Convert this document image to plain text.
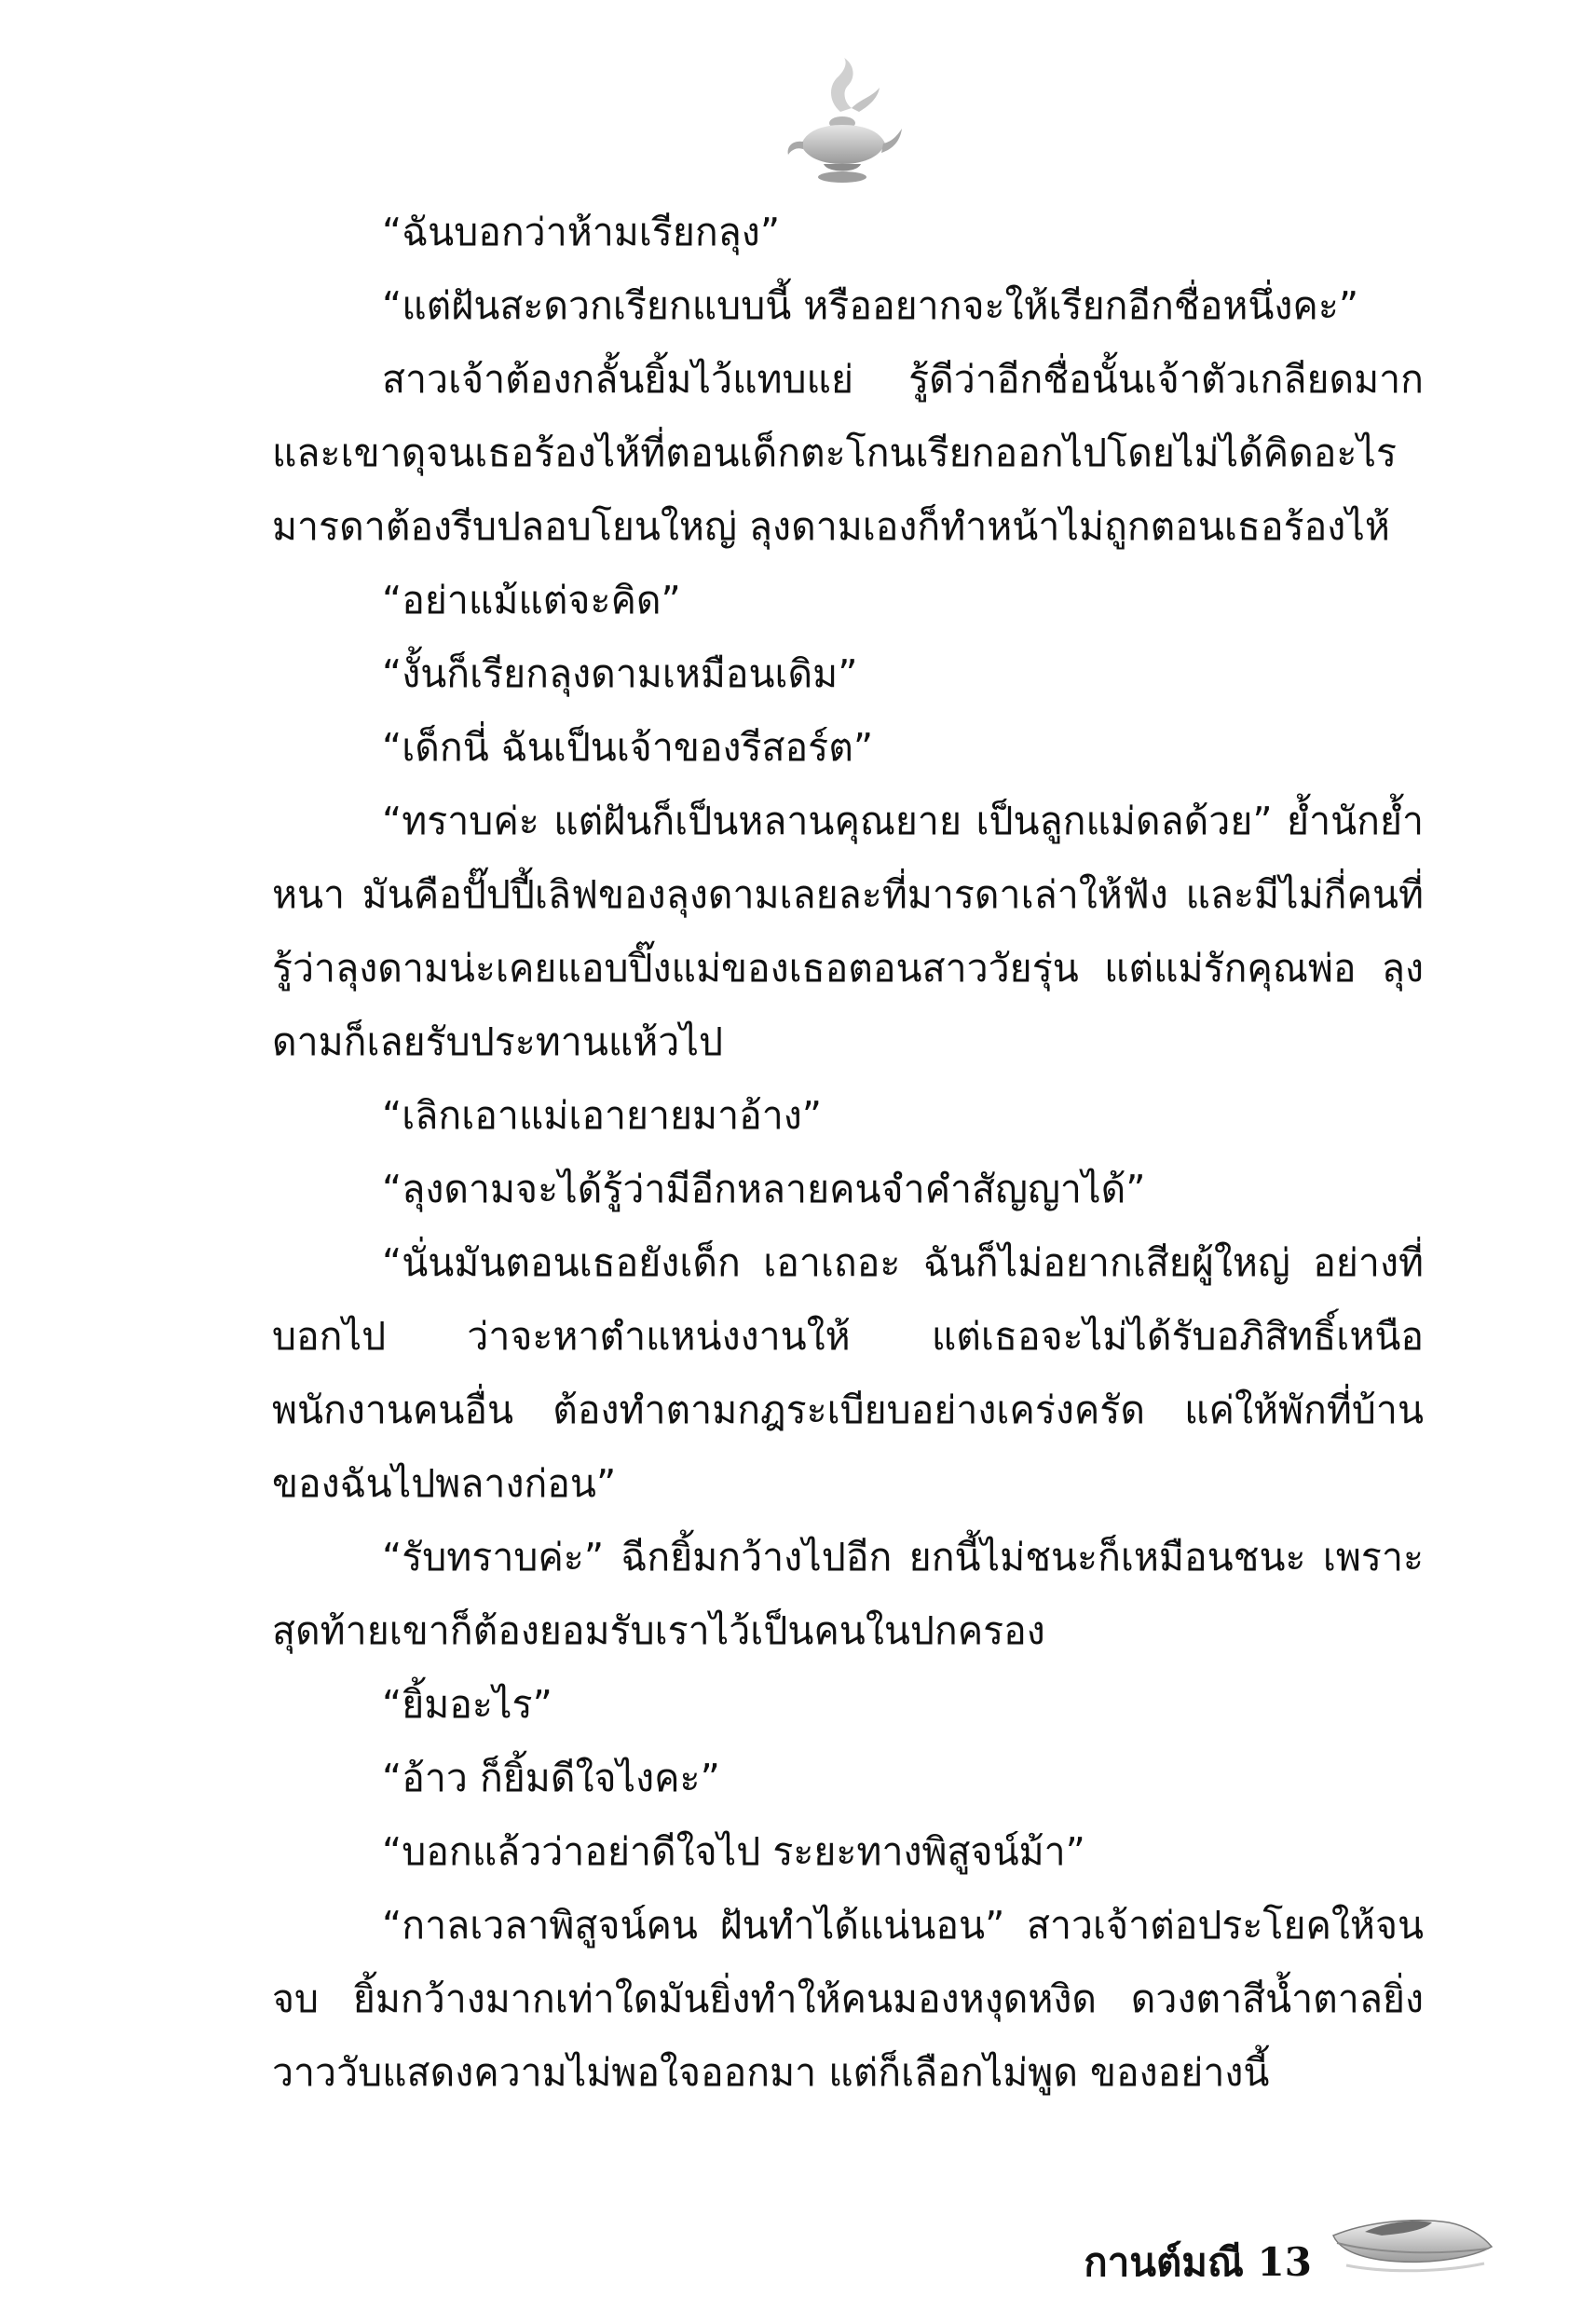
“ฉันบอกว่าห้ามเรียกลุง”

“แต่ฝันสะดวกเรียกแบบนี้ หรืออยากจะให้เรียกอีกชื่อหนึ่งคะ”

สาวเจ้าต้องกลั้นยิ้มไว้แทบแย่ รู้ดีว่าอีกชื่อนั้นเจ้าตัวเกลียดมาก และเขาดุจนเธอร้องไห้ที่ตอนเด็กตะโกนเรียกออกไปโดยไม่ได้คิดอะไร มารดาต้องรีบปลอบโยนใหญ่ ลุงดามเองก็ทำหน้าไม่ถูกตอนเธอร้องไห้

“อย่าแม้แต่จะคิด”

“งั้นก็เรียกลุงดามเหมือนเดิม”

“เด็กนี่ ฉันเป็นเจ้าของรีสอร์ต”

“ทราบค่ะ แต่ฝันก็เป็นหลานคุณยาย เป็นลูกแม่ดลด้วย” ย้ำนักย้ำหนา มันคือปั๊ปปี้เลิฟของลุงดามเลยละที่มารดาเล่าให้ฟัง และมีไม่กี่คนที่รู้ว่าลุงดามน่ะเคยแอบปิ๊งแม่ของเธอตอนสาววัยรุ่น แต่แม่รักคุณพ่อ ลุงดามก็เลยรับประทานแห้วไป

“เลิกเอาแม่เอายายมาอ้าง”

“ลุงดามจะได้รู้ว่ามีอีกหลายคนจำคำสัญญาได้”

“นั่นมันตอนเธอยังเด็ก เอาเถอะ ฉันก็ไม่อยากเสียผู้ใหญ่ อย่างที่บอกไป ว่าจะหาตำแหน่งงานให้ แต่เธอจะไม่ได้รับอภิสิทธิ์เหนือพนักงานคนอื่น ต้องทำตามกฎระเบียบอย่างเคร่งครัด แค่ให้พักที่บ้านของฉันไปพลางก่อน”

“รับทราบค่ะ” ฉีกยิ้มกว้างไปอีก ยกนี้ไม่ชนะก็เหมือนชนะ เพราะสุดท้ายเขาก็ต้องยอมรับเราไว้เป็นคนในปกครอง

“ยิ้มอะไร”

“อ้าว ก็ยิ้มดีใจไงคะ”

“บอกแล้วว่าอย่าดีใจไป ระยะทางพิสูจน์ม้า”

“กาลเวลาพิสูจน์คน ฝันทำได้แน่นอน” สาวเจ้าต่อประโยคให้จนจบ ยิ้มกว้างมากเท่าใดมันยิ่งทำให้คนมองหงุดหงิด ดวงตาสีน้ำตาลยิ่งวาววับแสดงความไม่พอใจออกมา แต่ก็เลือกไม่พูด ของอย่างนี้

กานต์มณี 13
